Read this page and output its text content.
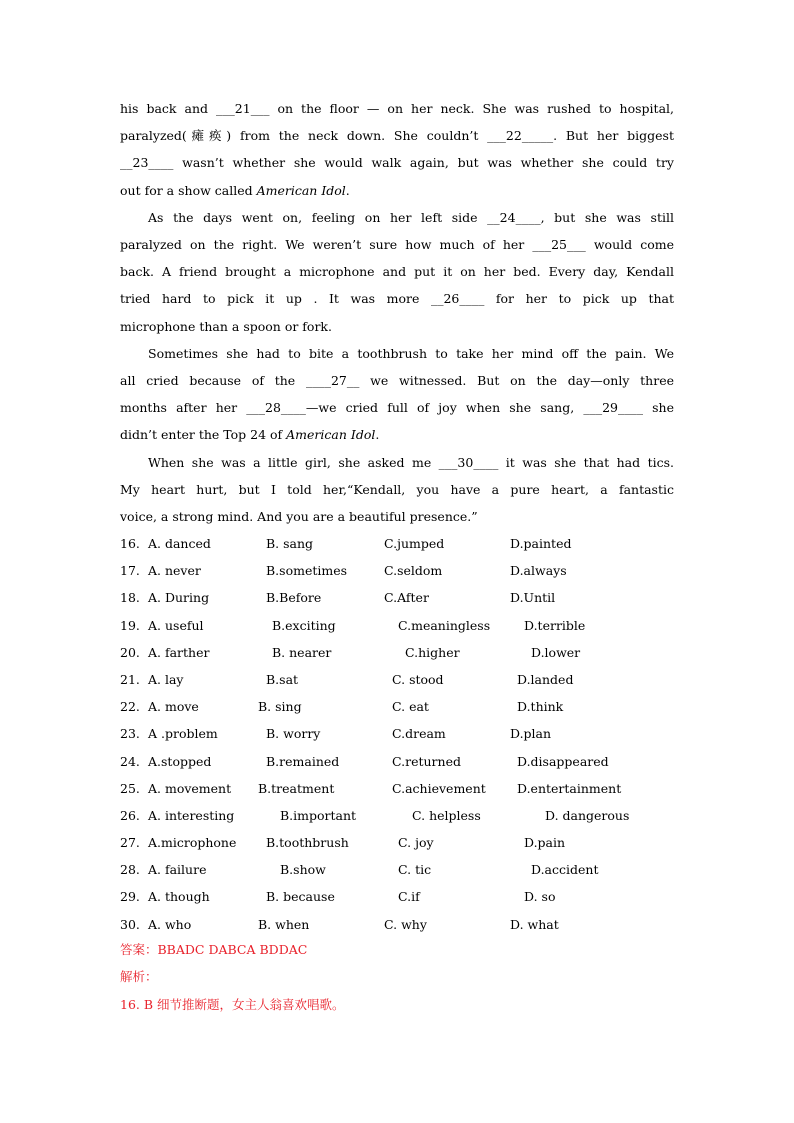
his back and ___21___ on the floor — on her neck. She was rushed to hospital,
paralyzed(瘫痪) from the neck down. She couldn’t ___22_____. But her biggest
__23____ wasn’t whether she would walk again, but was whether she could try

out for a show called American Idol.

As the days went on, feeling on her left side __24____, but she was still
paralyzed on the right. We weren’t sure how much of her ___25___ would come
back. A friend brought a microphone and put it on her bed. Every day, Kendall
tried hard to pick it up . It was more __26____ for her to pick up that

microphone than a spoon or fork.

Sometimes she had to bite a toothbrush to take her mind off the pain. We
all cried because of the ____27__ we witnessed. But on the day—only three
months after her ___28____—we cried full of joy when she sang, ___29____ she

didn’t enter the Top 24 of American Idol.

When she was a little girl, she asked me ___30____ it was she that had tics.
My heart hurt, but I told her,“Kendall, you have a pure heart, a fantastic

voice, a strong mind. And you are a beautiful presence.”

16. A. danced	B. sang	C.jumped	D.painted
17. A. never	B.sometimes	C.seldom	D.always
18. A. During	B.Before	C.After	D.Until
19. A. useful	B.exciting	C.meaningless	D.terrible
20. A. farther	B. nearer	C.higher	D.lower
21. A. lay	B.sat	C. stood	D.landed
22. A. move	B. sing	C. eat	D.think
23. A .problem	B. worry	C.dream	D.plan
24. A.stopped	B.remained	C.returned	D.disappeared
25. A. movement B.treatment	C.achievement D.entertainment
26. A. interesting	B.important	C. helpless	D. dangerous
27. A.microphone B.toothbrush	C. joy	D.pain
28. A. failure	B.show	C. tic	D.accident
29. A. though	B. because	C.if	D. so
30. A. who	B. when	C. why	D. what
答案：BBADC DABCA BDDAC
解析：
16. B 细节推断题，女主人翁喜欢唱歌。
